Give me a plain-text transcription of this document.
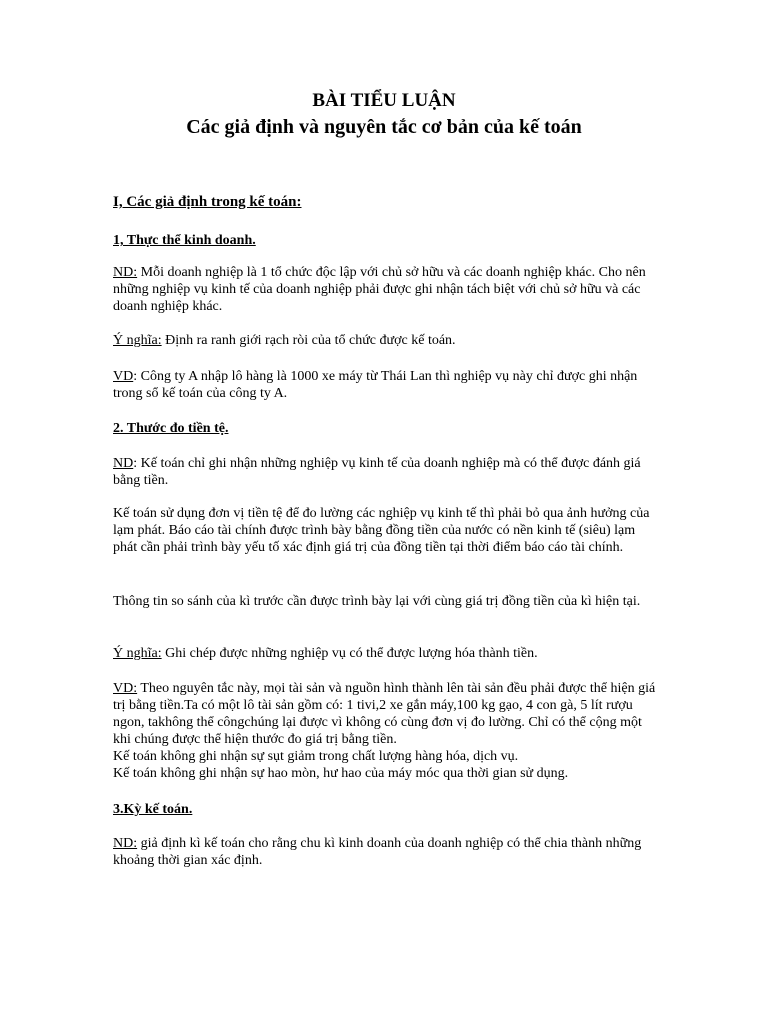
BÀI TIỂU LUẬN
Các giả định và nguyên tắc cơ bản của kế toán
I, Các giả định trong kế toán:
1, Thực thể kinh doanh.

ND: Mỗi doanh nghiệp là 1 tổ chức độc lập với chủ sở hữu và các doanh nghiệp khác. Cho nên những nghiệp vụ kinh tế của doanh nghiệp phải được ghi nhận tách biệt với chủ sở hữu và các doanh nghiệp khác.

Ý nghĩa: Định ra ranh giới rạch ròi của tổ chức được kế toán.

VD: Công ty A nhập lô hàng là 1000 xe máy từ Thái Lan thì nghiệp vụ này chỉ được ghi nhận trong sổ kế toán của công ty A.

2. Thước đo tiền tệ.

ND: Kế toán chỉ ghi nhận những nghiệp vụ kinh tế của doanh nghiệp mà có thể được đánh giá bằng tiền.

Kế toán sử dụng đơn vị tiền tệ để đo lường các nghiệp vụ kinh tế thì phải bỏ qua ảnh hưởng của lạm phát. Báo cáo tài chính được trình bày bằng đồng tiền của nước có nền kinh tế (siêu) lạm phát cần phải trình bày yếu tố xác định giá trị của đồng tiền tại thời điểm báo cáo tài chính.

Thông tin so sánh của kì trước cần được trình bày lại với cùng giá trị đồng tiền của kì hiện tại.

Ý nghĩa: Ghi chép được những nghiệp vụ có thể được lượng hóa thành tiền.

VD: Theo nguyên tắc này, mọi tài sản và nguồn hình thành lên tài sản đều phải được thể hiện giá trị bằng tiền.Ta có một lô tài sản gồm có: 1 tivi,2 xe gắn máy,100 kg gạo, 4 con gà, 5 lít rượu ngon, takhông thể côngchúng lại được vì không có cùng đơn vị đo lường. Chỉ có thể cộng một khi chúng được thể hiện thước đo giá trị bằng tiền.

Kế toán không ghi nhận sự sụt giảm trong chất lượng hàng hóa, dịch vụ.

Kế toán không ghi nhận sự hao mòn, hư hao của máy móc qua thời gian sử dụng.

3.Kỳ kế toán.

ND: giả định kì kế toán cho rằng chu kì kinh doanh của doanh nghiệp có thể chia thành những khoảng thời gian xác định.
